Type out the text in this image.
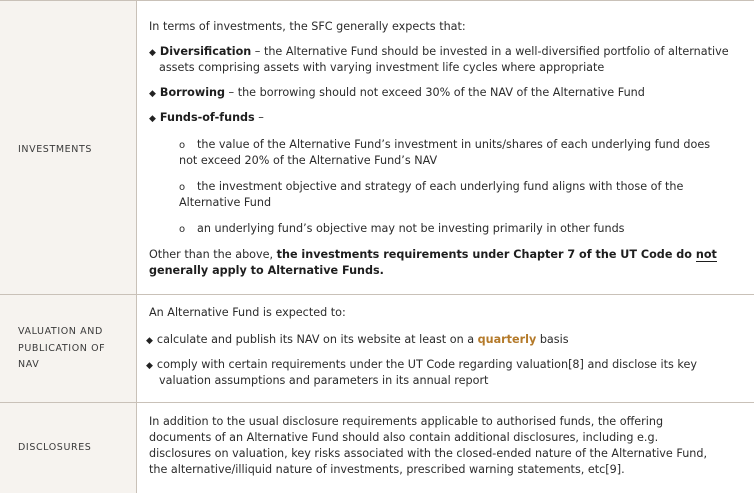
INVESTMENTS
In terms of investments, the SFC generally expects that:
◆ Diversification – the Alternative Fund should be invested in a well-diversified portfolio of alternative
assets comprising assets with varying investment life cycles where appropriate
◆ Borrowing – the borrowing should not exceed 30% of the NAV of the Alternative Fund
◆ Funds-of-funds –
o the value of the Alternative Fund’s investment in units/shares of each underlying fund does
not exceed 20% of the Alternative Fund’s NAV
o the investment objective and strategy of each underlying fund aligns with those of the
Alternative Fund
o an underlying fund’s objective may not be investing primarily in other funds
Other than the above, the investments requirements under Chapter 7 of the UT Code do not
generally apply to Alternative Funds.
VALUATION AND
PUBLICATION OF
NAV
An Alternative Fund is expected to:
◆ calculate and publish its NAV on its website at least on a quarterly basis
◆ comply with certain requirements under the UT Code regarding valuation[8] and disclose its key
valuation assumptions and parameters in its annual report
DISCLOSURES
In addition to the usual disclosure requirements applicable to authorised funds, the offering
documents of an Alternative Fund should also contain additional disclosures, including e.g.
disclosures on valuation, key risks associated with the closed-ended nature of the Alternative Fund,
the alternative/illiquid nature of investments, prescribed warning statements, etc[9].
